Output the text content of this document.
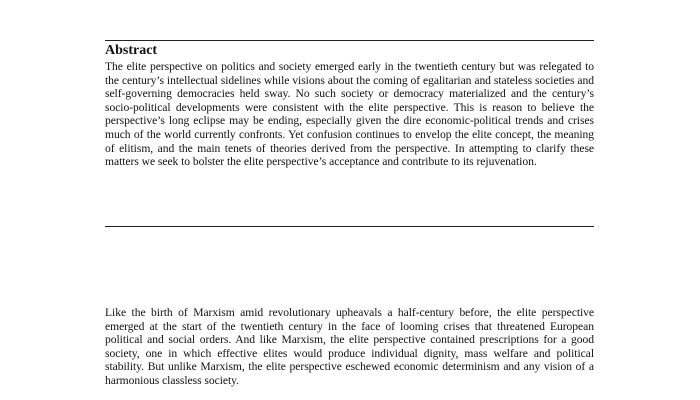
Abstract

The elite perspective on politics and society emerged early in the twentieth century but was relegated to the century’s intellectual sidelines while visions about the coming of egalitarian and stateless societies and self-governing democracies held sway. No such society or democracy materialized and the century’s socio-political developments were consistent with the elite perspective. This is reason to believe the perspective’s long eclipse may be ending, especially given the dire economic-political trends and crises much of the world currently confronts. Yet confusion continues to envelop the elite concept, the meaning of elitism, and the main tenets of theories derived from the perspective. In attempting to clarify these matters we seek to bolster the elite perspective’s acceptance and contribute to its rejuvenation.

Like the birth of Marxism amid revolutionary upheavals a half-century before, the elite perspective emerged at the start of the twentieth century in the face of looming crises that threatened European political and social orders. And like Marxism, the elite perspective contained prescriptions for a good society, one in which effective elites would produce individual dignity, mass welfare and political stability. But unlike Marxism, the elite perspective eschewed economic determinism and any vision of a harmonious classless society.
